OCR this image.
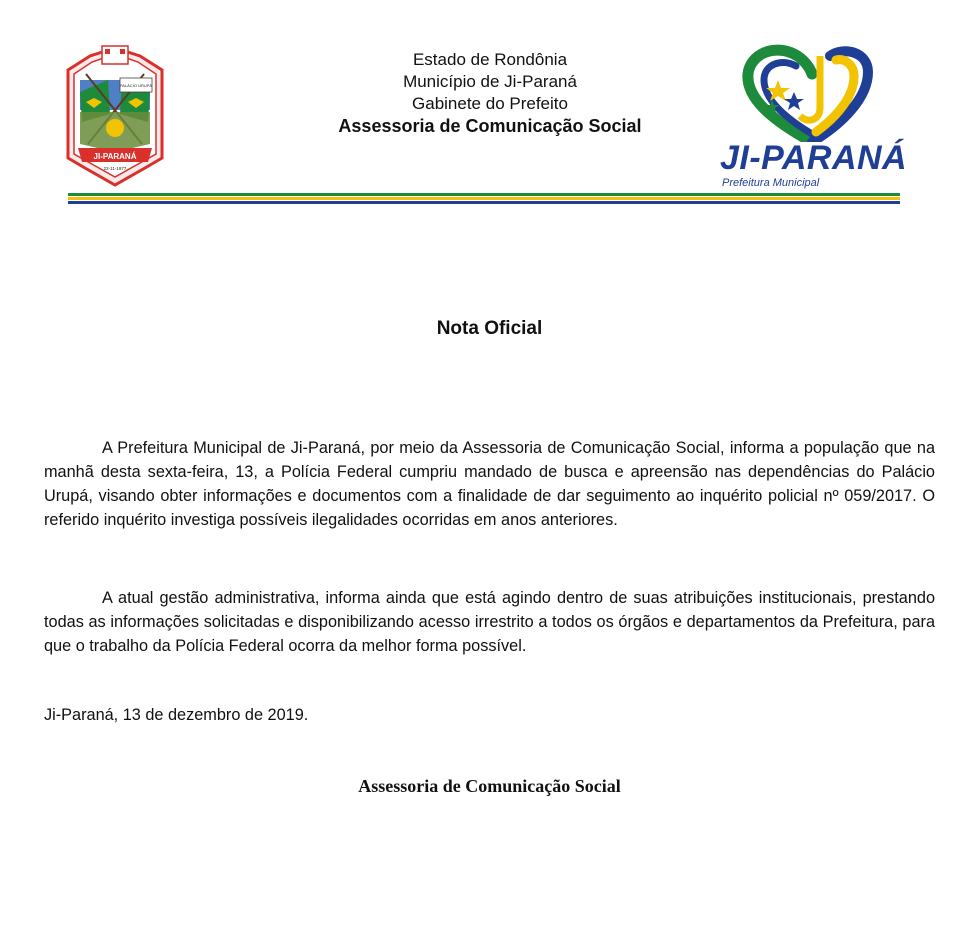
PALÁCIO URUPÁ
JI-PARANÁ
22-11-1977
Estado de Rondônia
Município de Ji-Paraná
Gabinete do Prefeito
Assessoria de Comunicação Social
JI-PARANÁ
Prefeitura Municipal
Nota Oficial

A Prefeitura Municipal de Ji-Paraná, por meio da Assessoria de Comunicação Social, informa a população que na manhã desta sexta-feira, 13, a Polícia Federal cumpriu mandado de busca e apreensão nas dependências do Palácio Urupá, visando obter informações e documentos com a finalidade de dar seguimento ao inquérito policial nº 059/2017. O referido inquérito investiga possíveis ilegalidades ocorridas em anos anteriores.

A atual gestão administrativa, informa ainda que está agindo dentro de suas atribuições institucionais, prestando todas as informações solicitadas e disponibilizando acesso irrestrito a todos os órgãos e departamentos da Prefeitura, para que o trabalho da Polícia Federal ocorra da melhor forma possível.

Ji-Paraná, 13 de dezembro de 2019.
Assessoria de Comunicação Social
